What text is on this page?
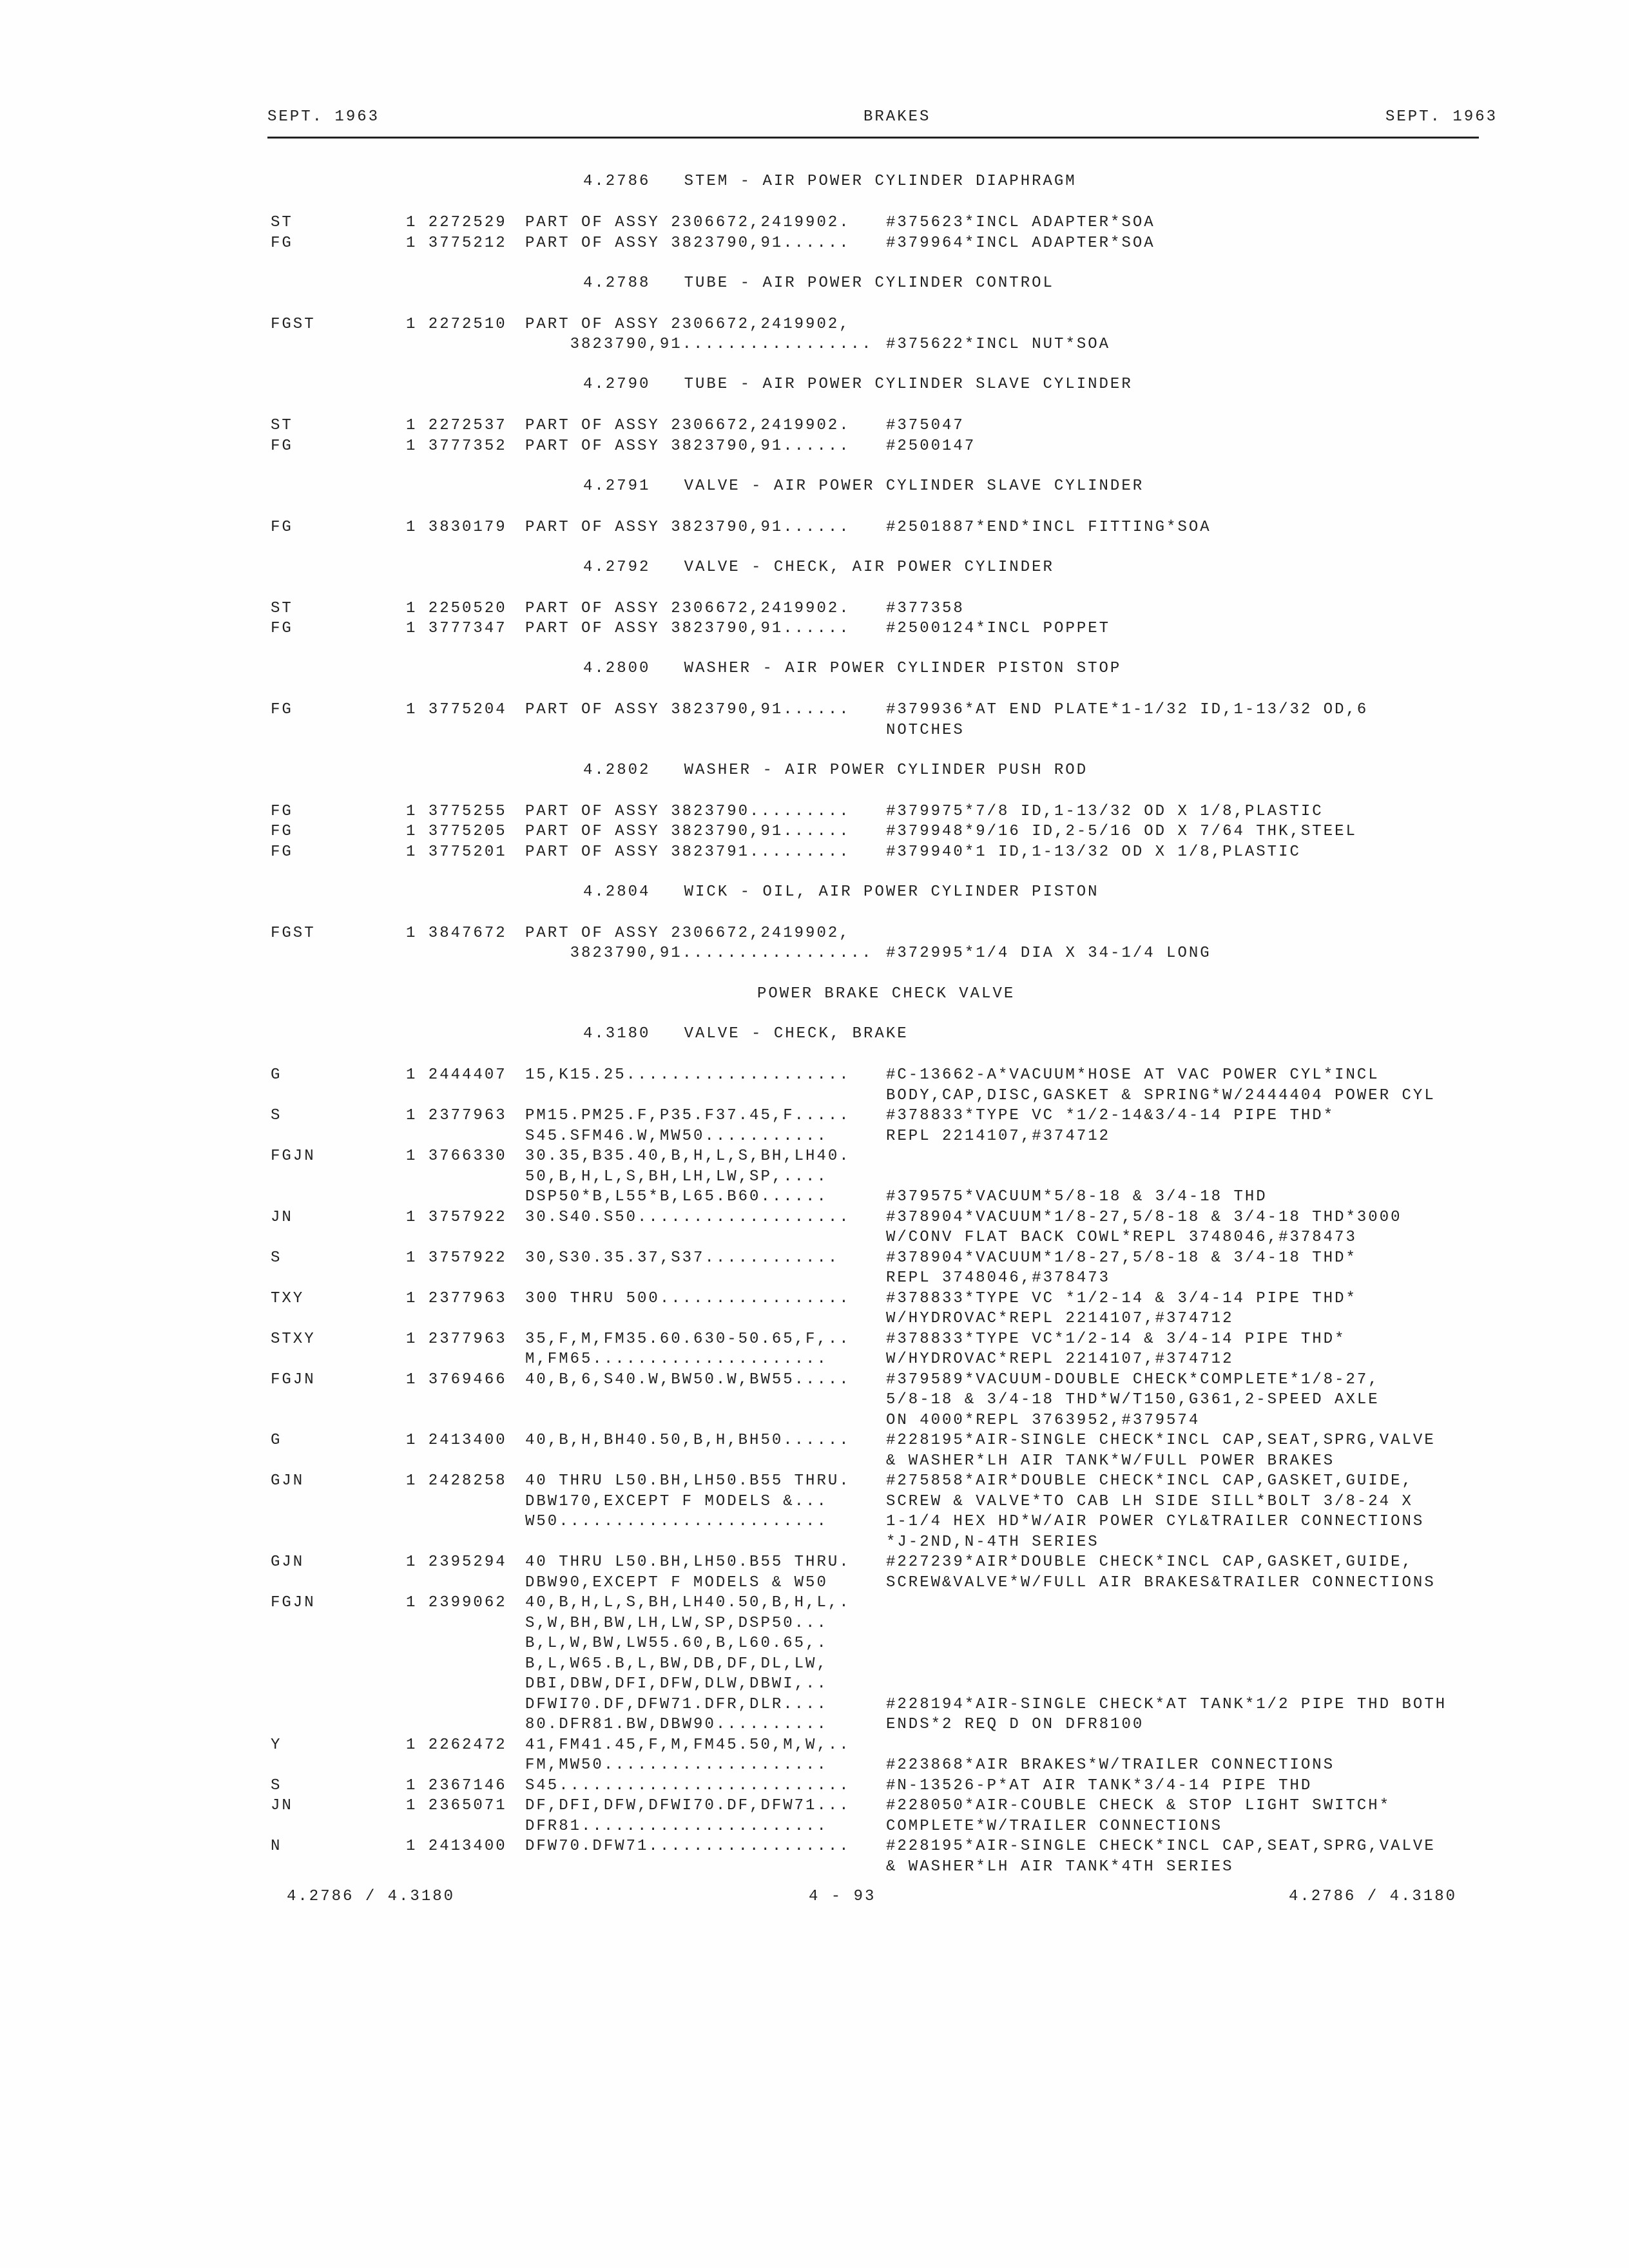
SEPT. 1963	BRAKES	SEPT. 1963
4.2786   STEM - AIR POWER CYLINDER DIAPHRAGM
ST	1 2272529 PART OF ASSY 2306672,2419902. #375623*INCL ADAPTER*SOA
FG	1 3775212 PART OF ASSY 3823790,91...... #379964*INCL ADAPTER*SOA
4.2788   TUBE - AIR POWER CYLINDER CONTROL
FGST	1 2272510 PART OF ASSY 2306672,2419902,
3823790,91................. #375622*INCL NUT*SOA
4.2790   TUBE - AIR POWER CYLINDER SLAVE CYLINDER
ST	1 2272537 PART OF ASSY 2306672,2419902. #375047
FG	1 3777352 PART OF ASSY 3823790,91...... #2500147
4.2791   VALVE - AIR POWER CYLINDER SLAVE CYLINDER
FG	1 3830179 PART OF ASSY 3823790,91...... #2501887*END*INCL FITTING*SOA
4.2792   VALVE - CHECK, AIR POWER CYLINDER
ST	1 2250520 PART OF ASSY 2306672,2419902. #377358
FG	1 3777347 PART OF ASSY 3823790,91...... #2500124*INCL POPPET
4.2800   WASHER - AIR POWER CYLINDER PISTON STOP
FG	1 3775204 PART OF ASSY 3823790,91...... #379936*AT END PLATE*1-1/32 ID,1-13/32 OD,6
NOTCHES
4.2802   WASHER - AIR POWER CYLINDER PUSH ROD
FG	1 3775255 PART OF ASSY 3823790......... #379975*7/8 ID,1-13/32 OD X 1/8,PLASTIC
FG	1 3775205 PART OF ASSY 3823790,91...... #379948*9/16 ID,2-5/16 OD X 7/64 THK,STEEL
FG	1 3775201 PART OF ASSY 3823791......... #379940*1 ID,1-13/32 OD X 1/8,PLASTIC
4.2804   WICK - OIL, AIR POWER CYLINDER PISTON
FGST	1 3847672 PART OF ASSY 2306672,2419902,
3823790,91................. #372995*1/4 DIA X 34-1/4 LONG
POWER BRAKE CHECK VALVE
4.3180   VALVE - CHECK, BRAKE
G	1 2444407 15,K15.25.................... #C-13662-A*VACUUM*HOSE AT VAC POWER CYL*INCL
BODY,CAP,DISC,GASKET & SPRING*W/2444404 POWER CYL
S	1 2377963 PM15.PM25.F,P35.F37.45,F.....
S45.SFM46.W,MW50...........
#378833*TYPE VC *1/2-14&3/4-14 PIPE THD*
REPL 2214107,#374712
FGJN	1 3766330 30.35,B35.40,B,H,L,S,BH,LH40.
50,B,H,L,S,BH,LH,LW,SP,....
DSP50*B,L55*B,L65.B60......	#379575*VACUUM*5/8-18 & 3/4-18 THD
JN	1 3757922 30.S40.S50................... #378904*VACUUM*1/8-27,5/8-18 & 3/4-18 THD*3000
W/CONV FLAT BACK COWL*REPL 3748046,#378473
S	1 3757922 30,S30.35.37,S37............	#378904*VACUUM*1/8-27,5/8-18 & 3/4-18 THD*
REPL 3748046,#378473
TXY	1 2377963 300 THRU 500................. #378833*TYPE VC *1/2-14 & 3/4-14 PIPE THD*
W/HYDROVAC*REPL 2214107,#374712
STXY	1 2377963 35,F,M,FM35.60.630-50.65,F,..
M,FM65.....................
#378833*TYPE VC*1/2-14 & 3/4-14 PIPE THD*
W/HYDROVAC*REPL 2214107,#374712
FGJN	1 3769466 40,B,6,S40.W,BW50.W,BW55..... #379589*VACUUM-DOUBLE CHECK*COMPLETE*1/8-27,
5/8-18 & 3/4-18 THD*W/T150,G361,2-SPEED AXLE
ON 4000*REPL 3763952,#379574
G	1 2413400 40,B,H,BH40.50,B,H,BH50...... #228195*AIR-SINGLE CHECK*INCL CAP,SEAT,SPRG,VALVE
& WASHER*LH AIR TANK*W/FULL POWER BRAKES
GJN	1 2428258 40 THRU L50.BH,LH50.B55 THRU.
DBW170,EXCEPT F MODELS &...
W50........................
#275858*AIR*DOUBLE CHECK*INCL CAP,GASKET,GUIDE,
SCREW & VALVE*TO CAB LH SIDE SILL*BOLT 3/8-24 X
1-1/4 HEX HD*W/AIR POWER CYL&TRAILER CONNECTIONS
*J-2ND,N-4TH SERIES
GJN	1 2395294 40 THRU L50.BH,LH50.B55 THRU.
DBW90,EXCEPT F MODELS & W50
#227239*AIR*DOUBLE CHECK*INCL CAP,GASKET,GUIDE,
SCREW&VALVE*W/FULL AIR BRAKES&TRAILER CONNECTIONS
FGJN	1 2399062 40,B,H,L,S,BH,LH40.50,B,H,L,.
S,W,BH,BW,LH,LW,SP,DSP50...
B,L,W,BW,LW55.60,B,L60.65,.
B,L,W65.B,L,BW,DB,DF,DL,LW,
DBI,DBW,DFI,DFW,DLW,DBWI,..
DFWI70.DF,DFW71.DFR,DLR....
80.DFR81.BW,DBW90..........
#228194*AIR-SINGLE CHECK*AT TANK*1/2 PIPE THD BOTH
ENDS*2 REQ D ON DFR8100
Y	1 2262472 41,FM41.45,F,M,FM45.50,M,W,..
FM,MW50....................	#223868*AIR BRAKES*W/TRAILER CONNECTIONS
S	1 2367146 S45.......................... #N-13526-P*AT AIR TANK*3/4-14 PIPE THD
JN	1 2365071 DF,DFI,DFW,DFWI70.DF,DFW71...
DFR81......................
#228050*AIR-COUBLE CHECK & STOP LIGHT SWITCH*
COMPLETE*W/TRAILER CONNECTIONS
N	1 2413400 DFW70.DFW71.................. #228195*AIR-SINGLE CHECK*INCL CAP,SEAT,SPRG,VALVE
& WASHER*LH AIR TANK*4TH SERIES
4.2786 / 4.3180	4 - 93	4.2786 / 4.3180
